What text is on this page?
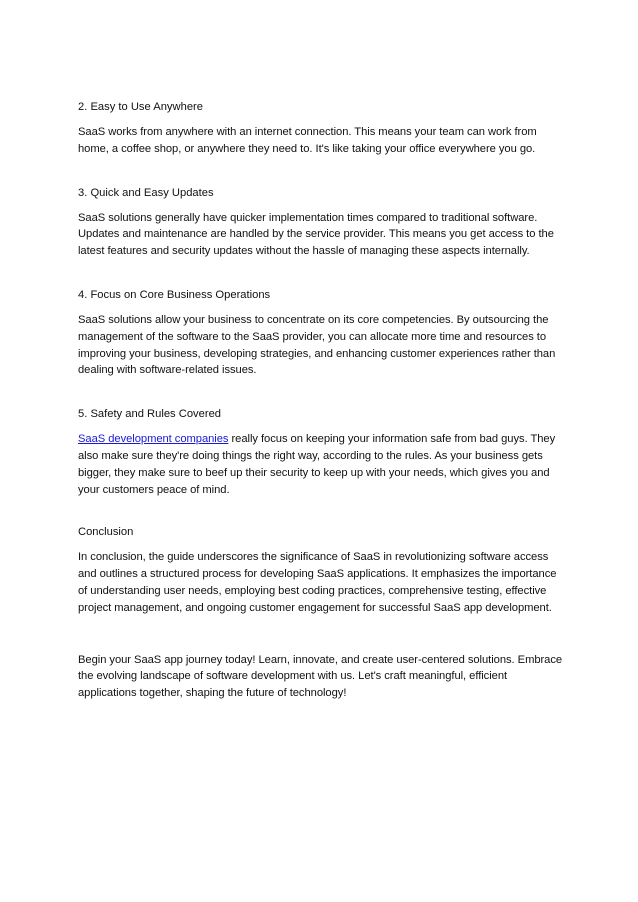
2. Easy to Use Anywhere

SaaS works from anywhere with an internet connection. This means your team can work from home, a coffee shop, or anywhere they need to. It's like taking your office everywhere you go.

3. Quick and Easy Updates

SaaS solutions generally have quicker implementation times compared to traditional software. Updates and maintenance are handled by the service provider. This means you get access to the latest features and security updates without the hassle of managing these aspects internally.

4. Focus on Core Business Operations

SaaS solutions allow your business to concentrate on its core competencies. By outsourcing the management of the software to the SaaS provider, you can allocate more time and resources to improving your business, developing strategies, and enhancing customer experiences rather than dealing with software-related issues.

5. Safety and Rules Covered

SaaS development companies really focus on keeping your information safe from bad guys. They also make sure they're doing things the right way, according to the rules. As your business gets bigger, they make sure to beef up their security to keep up with your needs, which gives you and your customers peace of mind.

Conclusion

In conclusion, the guide underscores the significance of SaaS in revolutionizing software access and outlines a structured process for developing SaaS applications. It emphasizes the importance of understanding user needs, employing best coding practices, comprehensive testing, effective project management, and ongoing customer engagement for successful SaaS app development.

Begin your SaaS app journey today! Learn, innovate, and create user-centered solutions. Embrace the evolving landscape of software development with us. Let's craft meaningful, efficient applications together, shaping the future of technology!
